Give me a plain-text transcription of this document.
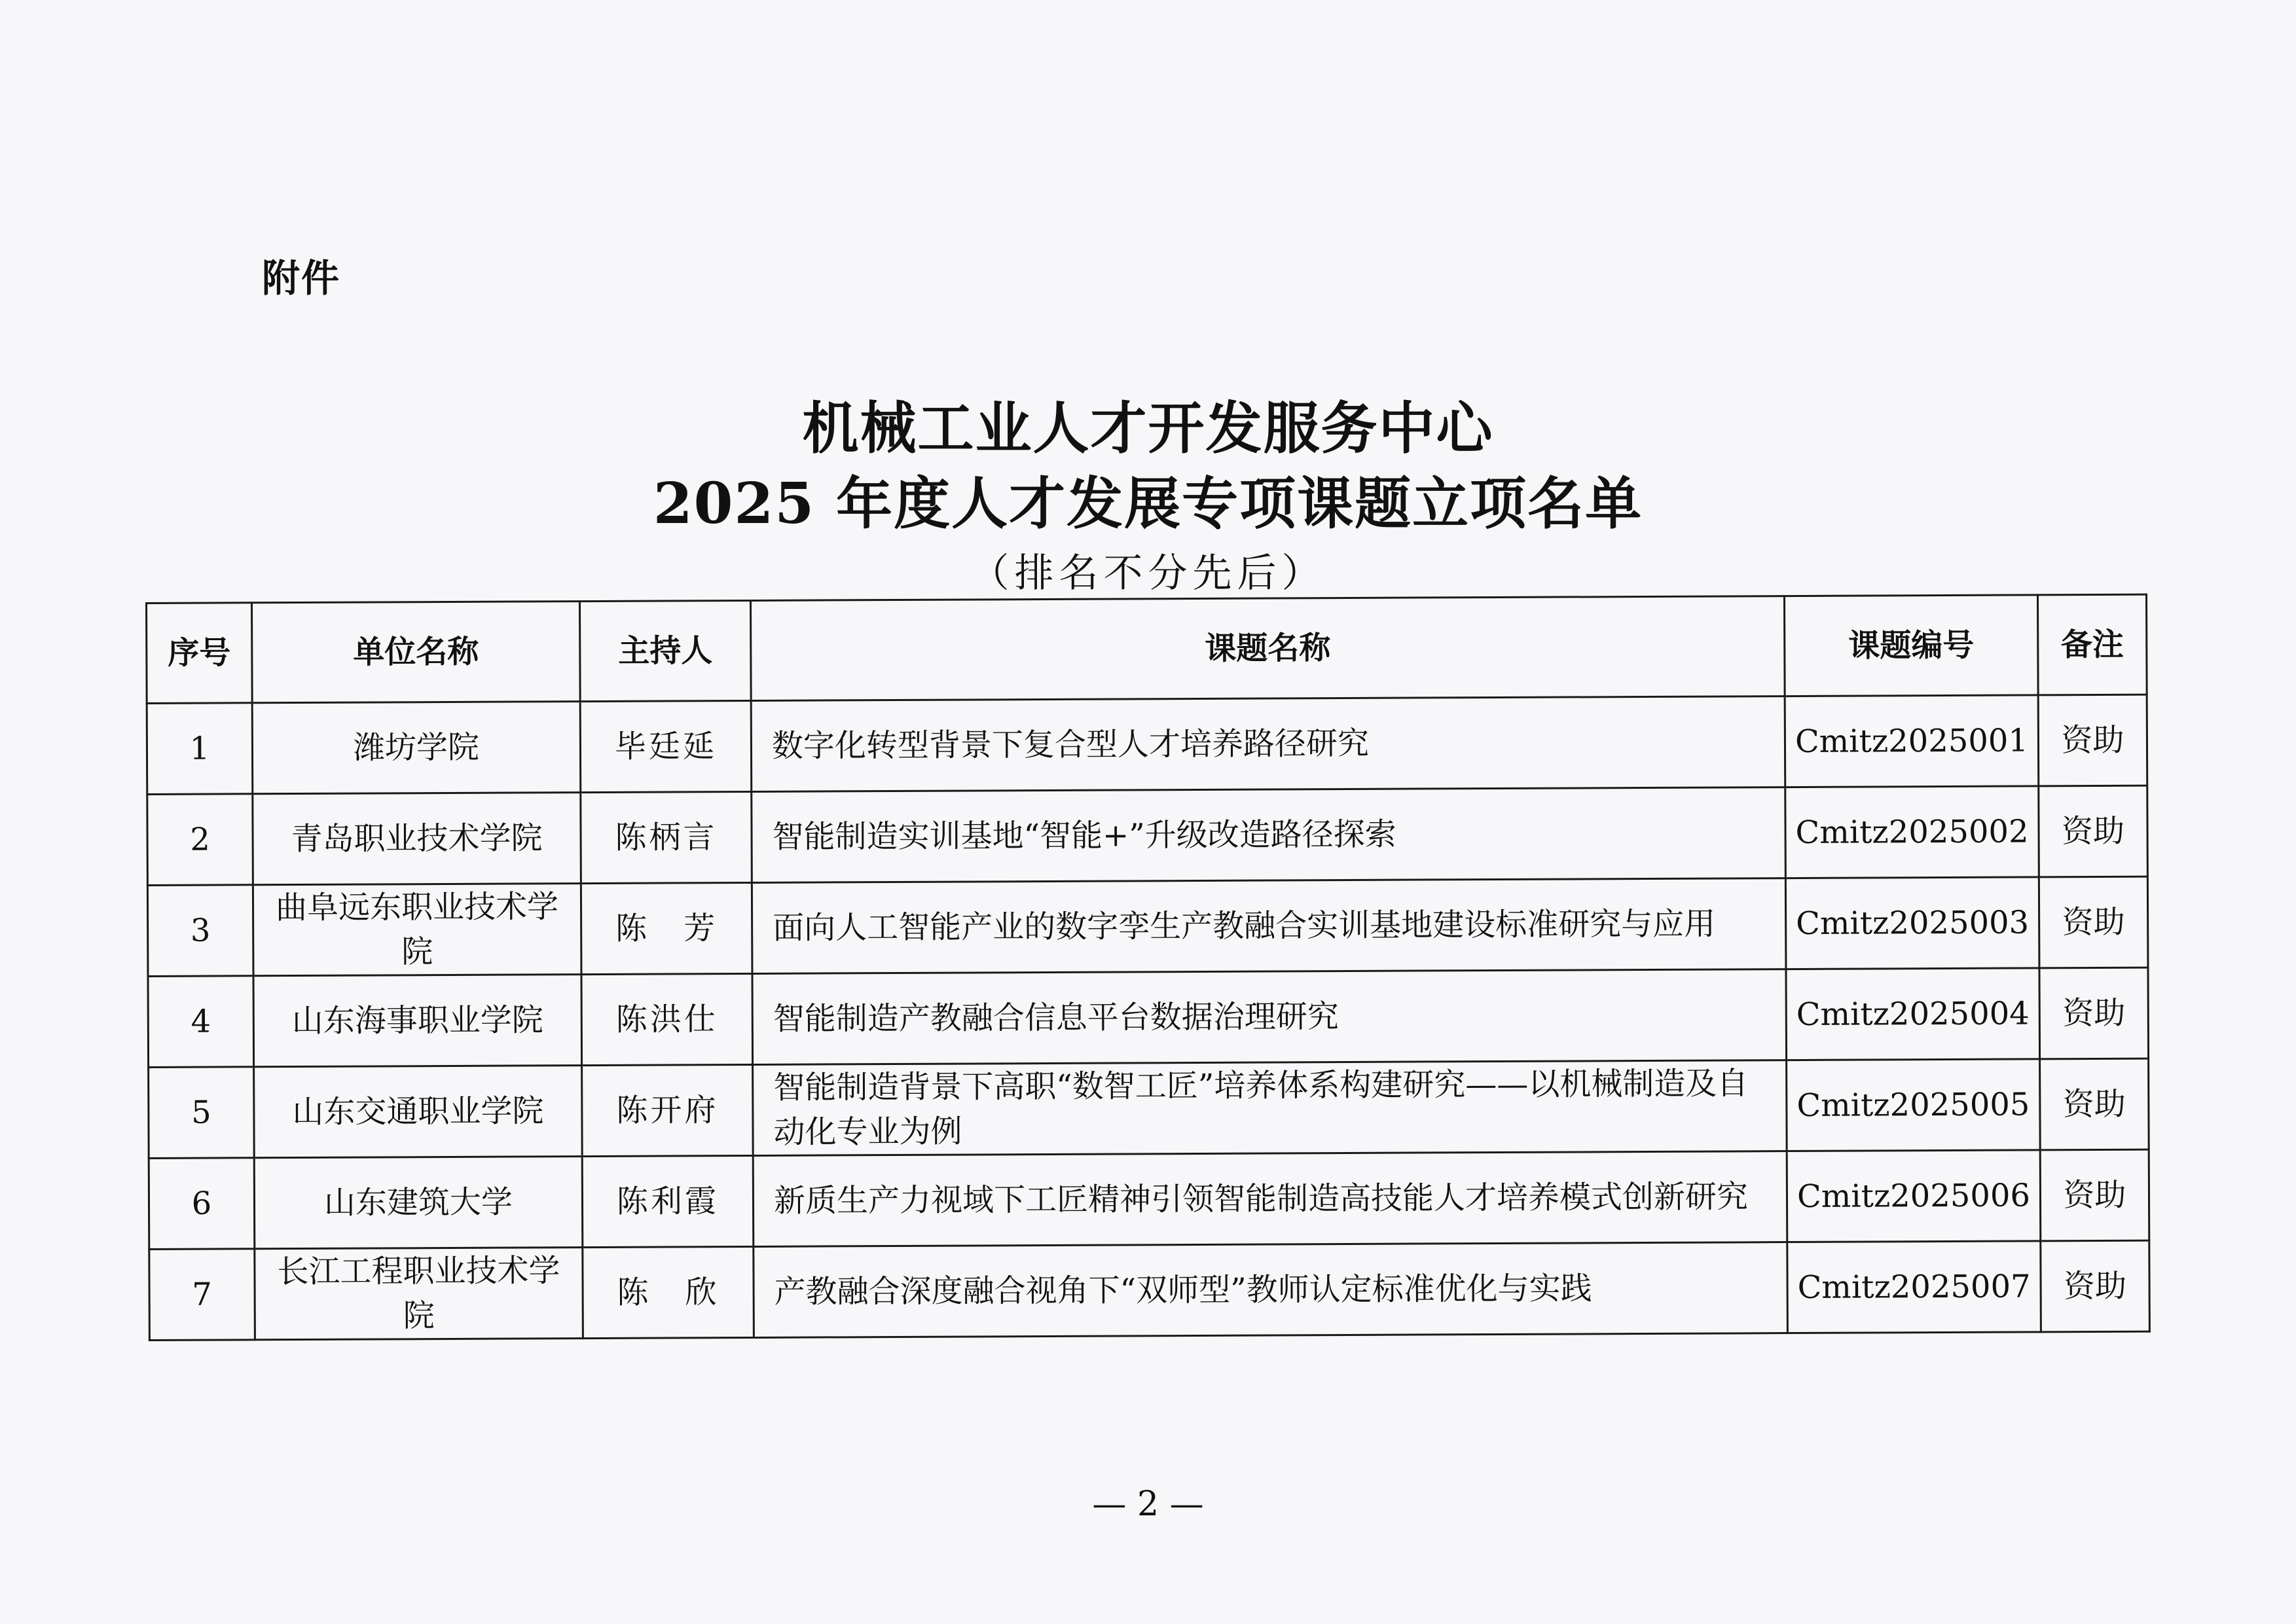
附件
机械工业人才开发服务中心
2025 年度人才发展专项课题立项名单
（排名不分先后）
序号	单位名称	主持人	课题名称	课题编号	备注
1	潍坊学院	毕廷延	数字化转型背景下复合型人才培养路径研究	Cmitz2025001	资助
2	青岛职业技术学院	陈柄言	智能制造实训基地“智能+”升级改造路径探索	Cmitz2025002	资助
3	曲阜远东职业技术学院	陈　芳	面向人工智能产业的数字孪生产教融合实训基地建设标准研究与应用	Cmitz2025003	资助
4	山东海事职业学院	陈洪仕	智能制造产教融合信息平台数据治理研究	Cmitz2025004	资助
5	山东交通职业学院	陈开府	智能制造背景下高职“数智工匠”培养体系构建研究——以机械制造及自动化专业为例	Cmitz2025005	资助
6	山东建筑大学	陈利霞	新质生产力视域下工匠精神引领智能制造高技能人才培养模式创新研究	Cmitz2025006	资助
7	长江工程职业技术学院	陈　欣	产教融合深度融合视角下“双师型”教师认定标准优化与实践	Cmitz2025007	资助
— 2 —
